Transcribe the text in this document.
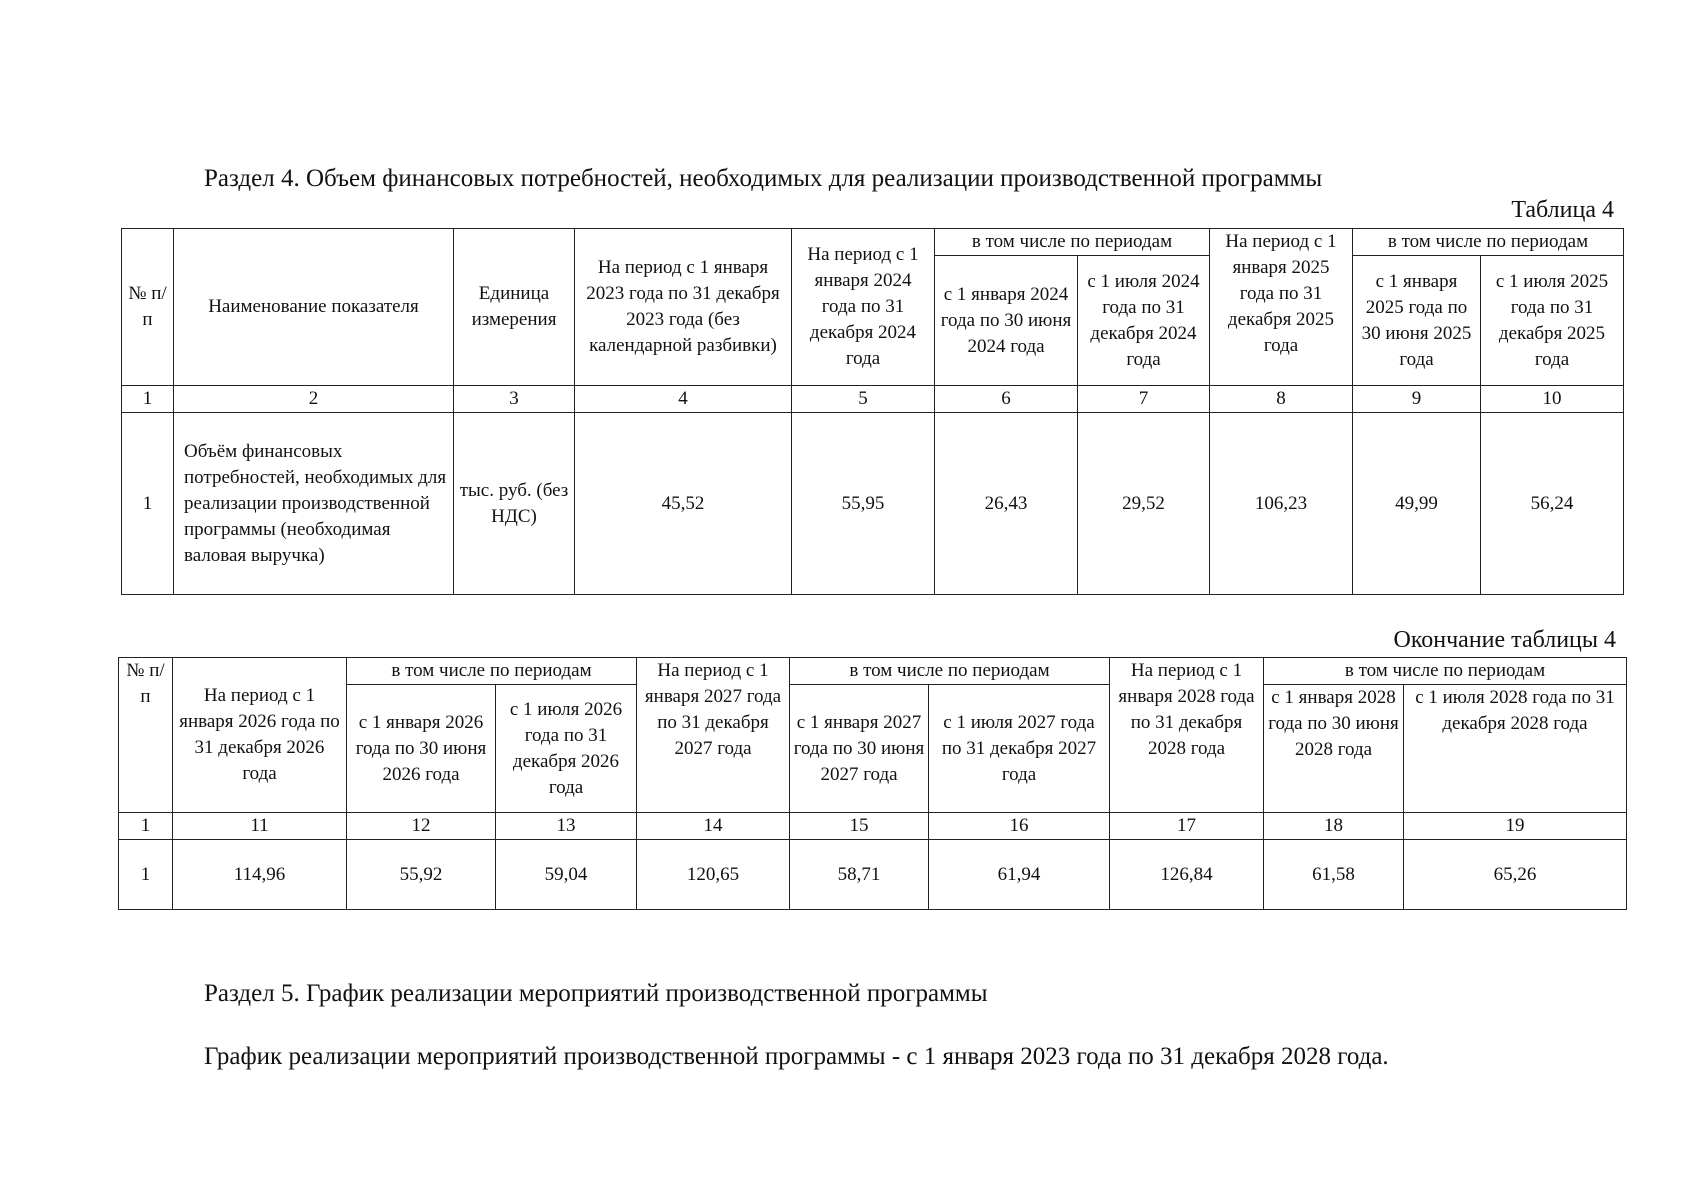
Раздел 4. Объем финансовых потребностей, необходимых для реализации производственной программы
Таблица 4
№ п/п	Наименование показателя	Единица измерения	На период с 1 января 2023 года по 31 декабря 2023 года (без календарной разбивки)	На период с 1 января 2024 года по 31 декабря 2024 года	в том числе по периодам		На период с 1 января 2025 года по 31 декабря 2025 года	в том числе по периодам	
					с 1 января 2024 года по 30 июня 2024 года	с 1 июля 2024 года по 31 декабря 2024 года		с 1 января 2025 года по 30 июня 2025 года	с 1 июля 2025 года по 31 декабря 2025 года
1	2	3	4	5	6	7	8	9	10
1	Объём финансовых потребностей, необходимых для реализации производственной программы (необходимая валовая выручка)	тыс. руб. (без НДС)	45,52	55,95	26,43	29,52	106,23	49,99	56,24
Окончание таблицы 4
№ п/п	На период с 1 января 2026 года по 31 декабря 2026 года	в том числе по периодам		На период с 1 января 2027 года по 31 декабря 2027 года	в том числе по периодам		На период с 1 января 2028 года по 31 декабря 2028 года	в том числе по периодам	
		с 1 января 2026 года по 30 июня 2026 года	с 1 июля 2026 года по 31 декабря 2026 года		с 1 января 2027 года по 30 июня 2027 года	с 1 июля 2027 года по 31 декабря 2027 года		с 1 января 2028 года по 30 июня 2028 года	с 1 июля 2028 года по 31 декабря 2028 года
1	11	12	13	14	15	16	17	18	19
1	114,96	55,92	59,04	120,65	58,71	61,94	126,84	61,58	65,26
Раздел 5. График реализации мероприятий производственной программы
График реализации мероприятий производственной программы - с 1 января 2023 года по 31 декабря 2028 года.
